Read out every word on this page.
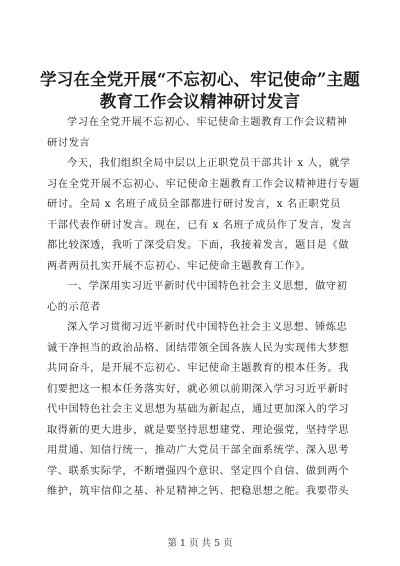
学习在全党开展“不忘初心、牢记使命”主题
教育工作会议精神研讨发言

学习在全党开展不忘初心、牢记使命主题教育工作会议精神
研讨发言

今天，我们组织全局中层以上正职党员干部共计 x 人，就学
习在全党开展不忘初心、牢记使命主题教育工作会议精神进行专题
研讨。全局 x 名班子成员全部都进行研讨发言，x 名正职党员
干部代表作研讨发言。现在，已有 x 名班子成员作了发言，发言
都比较深透，我听了深受启发。下面，我接着发言，题目是《做
两者两员扎实开展不忘初心、牢记使命主题教育工作》。

一、学深用实习近平新时代中国特色社会主义思想，做守初
心的示范者

深入学习贯彻习近平新时代中国特色社会主义思想、锤炼忠
诚干净担当的政治品格、团结带领全国各族人民为实现伟大梦想
共同奋斗，是开展不忘初心、牢记使命主题教育的根本任务。我
们要把这一根本任务落实好，就必须以前期深入学习习近平新时
代中国特色社会主义思想为基础为新起点，通过更加深入的学习
取得新的更大进步，就是要坚持思想建党、理论强党，坚持学思
用贯通、知信行统一，推动广大党员干部全面系统学、深入思考
学、联系实际学，不断增强四个意识、坚定四个自信、做到两个
维护，筑牢信仰之基、补足精神之钙、把稳思想之舵。我要带头

第 1 页 共 5 页
